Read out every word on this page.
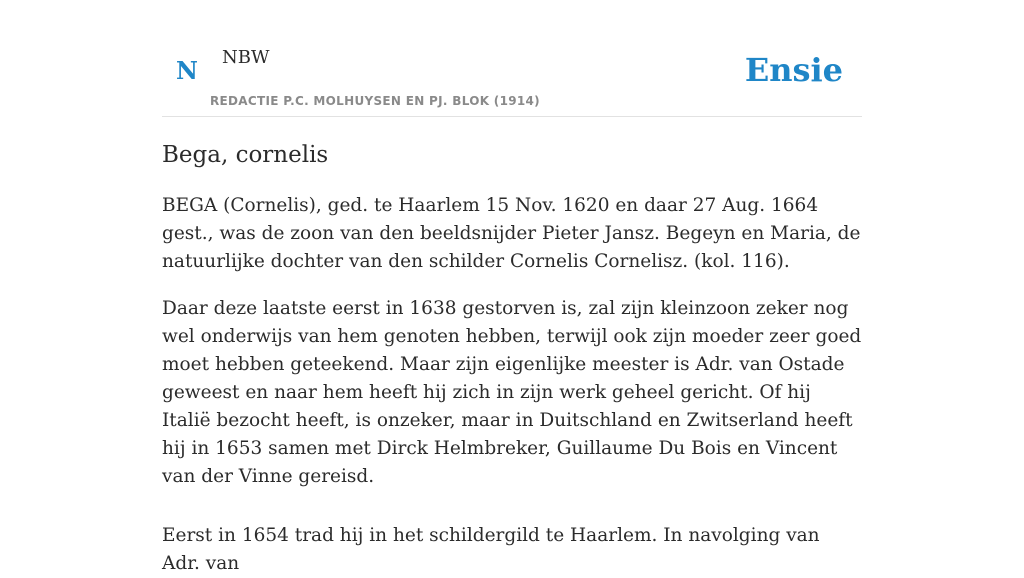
N NBW
REDACTIE P.C. MOLHUYSEN EN PJ. BLOK (1914)
Ensie
Bega, cornelis

BEGA (Cornelis), ged. te Haarlem 15 Nov. 1620 en daar 27 Aug. 1664 gest., was de zoon van den beeldsnijder Pieter Jansz. Begeyn en Maria, de natuurlijke dochter van den schilder Cornelis Cornelisz. (kol. 116).

Daar deze laatste eerst in 1638 gestorven is, zal zijn kleinzoon zeker nog wel onderwijs van hem genoten hebben, terwijl ook zijn moeder zeer goed moet hebben geteekend. Maar zijn eigenlijke meester is Adr. van Ostade geweest en naar hem heeft hij zich in zijn werk geheel gericht. Of hij Italië bezocht heeft, is onzeker, maar in Duitschland en Zwitserland heeft hij in 1653 samen met Dirck Helmbreker, Guillaume Du Bois en Vincent van der Vinne gereisd.

Eerst in 1654 trad hij in het schildergild te Haarlem. In navolging van Adr. van
